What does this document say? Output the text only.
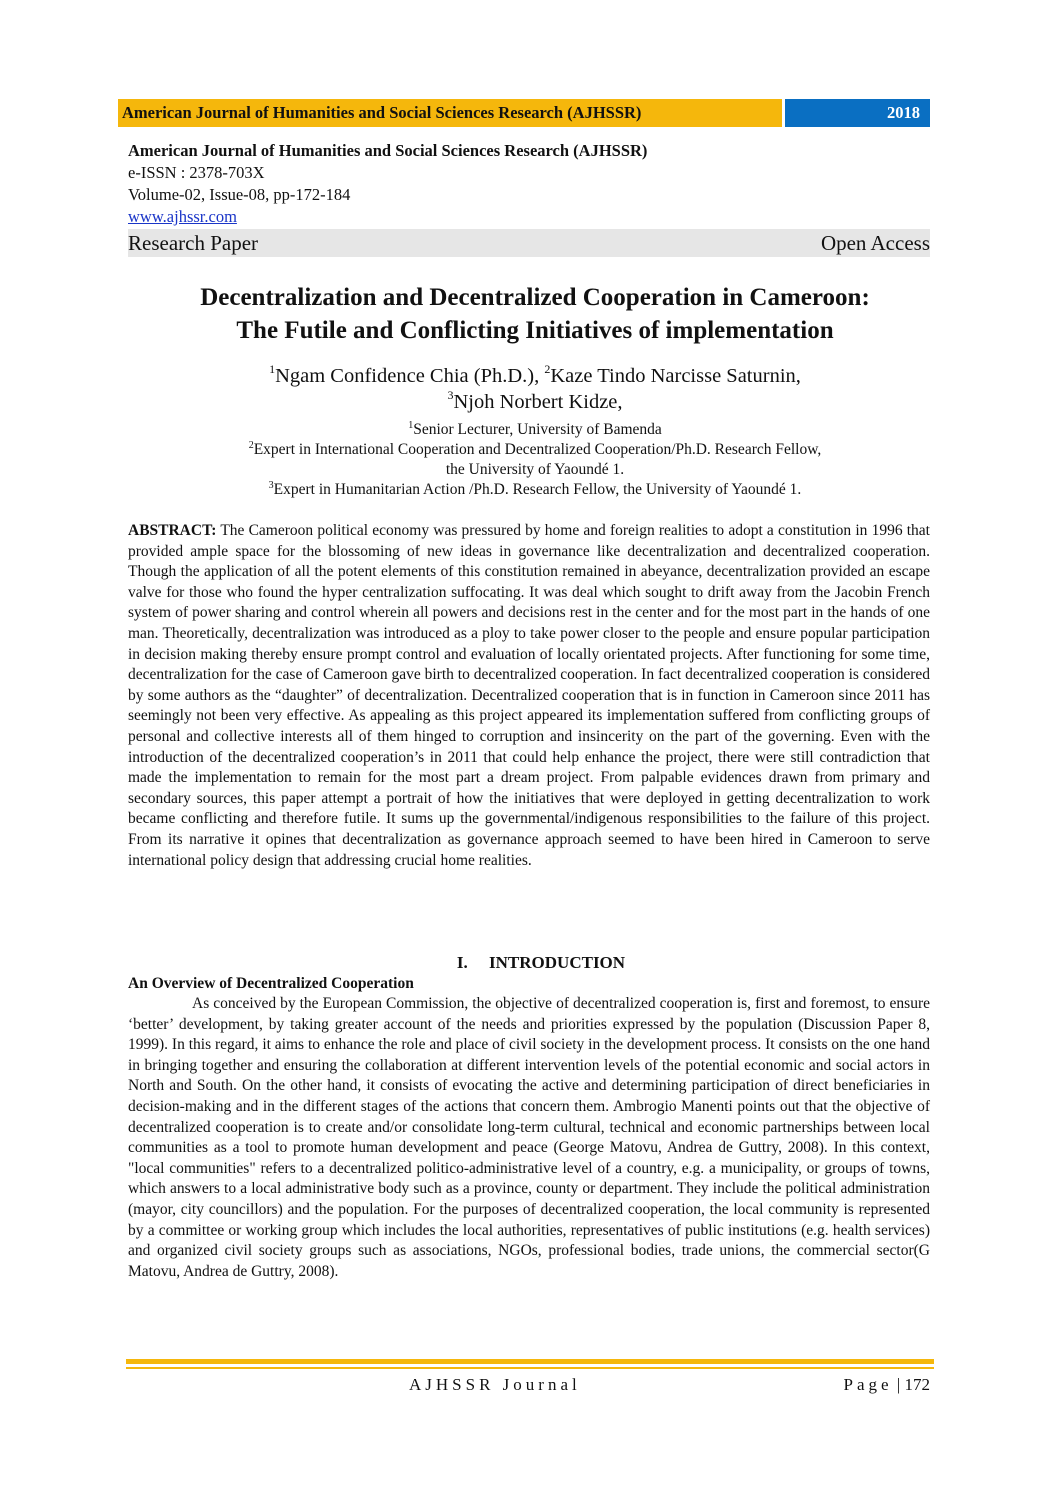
American Journal of Humanities and Social Sciences Research (AJHSSR)	2018
American Journal of Humanities and Social Sciences Research (AJHSSR)
e-ISSN : 2378-703X
Volume-02, Issue-08, pp-172-184
www.ajhssr.com
Research Paper	Open Access
Decentralization and Decentralized Cooperation in Cameroon:
The Futile and Conflicting Initiatives of implementation
$^1$Ngam Confidence Chia (Ph.D.), $^2$Kaze Tindo Narcisse Saturnin,
$^3$Njoh Norbert Kidze,
$^1$Senior Lecturer, University of Bamenda
$^2$Expert in International Cooperation and Decentralized Cooperation/Ph.D. Research Fellow,
the University of Yaoundé 1.
$^3$Expert in Humanitarian Action /Ph.D. Research Fellow, the University of Yaoundé 1.
ABSTRACT: The Cameroon political economy was pressured by home and foreign realities to adopt a constitution in 1996 that provided ample space for the blossoming of new ideas in governance like decentralization and decentralized cooperation. Though the application of all the potent elements of this constitution remained in abeyance, decentralization provided an escape valve for those who found the hyper centralization suffocating. It was deal which sought to drift away from the Jacobin French system of power sharing and control wherein all powers and decisions rest in the center and for the most part in the hands of one man. Theoretically, decentralization was introduced as a ploy to take power closer to the people and ensure popular participation in decision making thereby ensure prompt control and evaluation of locally orientated projects. After functioning for some time, decentralization for the case of Cameroon gave birth to decentralized cooperation. In fact decentralized cooperation is considered by some authors as the “daughter” of decentralization. Decentralized cooperation that is in function in Cameroon since 2011 has seemingly not been very effective. As appealing as this project appeared its implementation suffered from conflicting groups of personal and collective interests all of them hinged to corruption and insincerity on the part of the governing. Even with the introduction of the decentralized cooperation’s in 2011 that could help enhance the project, there were still contradiction that made the implementation to remain for the most part a dream project. From palpable evidences drawn from primary and secondary sources, this paper attempt a portrait of how the initiatives that were deployed in getting decentralization to work became conflicting and therefore futile. It sums up the governmental/indigenous responsibilities to the failure of this project. From its narrative it opines that decentralization as governance approach seemed to have been hired in Cameroon to serve international policy design that addressing crucial home realities.
I.     INTRODUCTION
An Overview of Decentralized Cooperation
As conceived by the European Commission, the objective of decentralized cooperation is, first and foremost, to ensure ‘better’ development, by taking greater account of the needs and priorities expressed by the population (Discussion Paper 8, 1999). In this regard, it aims to enhance the role and place of civil society in the development process. It consists on the one hand in bringing together and ensuring the collaboration at different intervention levels of the potential economic and social actors in North and South. On the other hand, it consists of evocating the active and determining participation of direct beneficiaries in decision-making and in the different stages of the actions that concern them. Ambrogio Manenti points out that the objective of decentralized cooperation is to create and/or consolidate long-term cultural, technical and economic partnerships between local communities as a tool to promote human development and peace (George Matovu, Andrea de Guttry, 2008). In this context, "local communities" refers to a decentralized politico-administrative level of a country, e.g. a municipality, or groups of towns, which answers to a local administrative body such as a province, county or department. They include the political administration (mayor, city councillors) and the population. For the purposes of decentralized cooperation, the local community is represented by a committee or working group which includes the local authorities, representatives of public institutions (e.g. health services) and organized civil society groups such as associations, NGOs, professional bodies, trade unions, the commercial sector(G Matovu, Andrea de Guttry, 2008).
AJHSSR Journal	Page | 172
